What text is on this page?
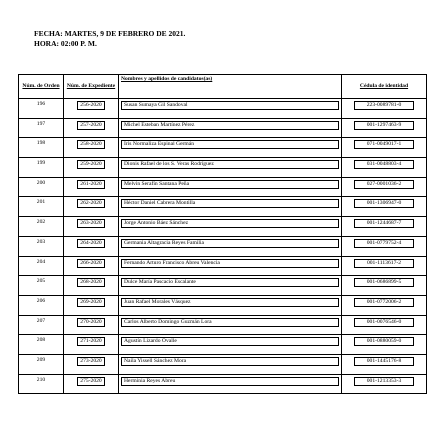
FECHA: MARTES, 9 DE FEBRERO DE 2021.
HORA: 02:00 P. M.
Núm. de Orden	Núm. de Expediente	Nombres y apellidos de candidatos(as)	Cédula de identidad
196	256-2020	Susan Sumaya Gil Sandoval	223-0089781-0
197	257-2020	Michel Esteban Martínez Pérez	001-1297463-9
198	258-2020	Iris Normaliza Espinal Germán	071-0049017-1
199	259-2020	Dionis Rafael de los S. Veras Rodríguez	031-0048803-4
200	261-2020	Melvin Serafín Santana Peña	027-0001036-2
201	262-2020	Héctor Daniel Cabrera Montilla	001-1306947-0
202	263-2020	Jorge Antonio Báez Sánchez	001-1244687-7
203	264-2020	Germania Altagracia Reyes Familia	001-0779752-4
204	266-2020	Fernando Arturo Francisco Abreu Valencia	001-1113617-2
205	268-2020	Dulce María Pascacio Escalante	001-0686899-5
206	269-2020	Juan Rafael Morales Vásquez	001-0772006-2
207	270-2020	Carlos Alberto Domingo Guzmán Lora	001-0076546-0
208	271-2020	Agustín Lizardo Ovalle	001-0880059-0
209	273-2020	Naila Yissell Sánchez Mora	001-1445176-8
210	275-2020	Herminia Reyes Abreu	001-1213353-3
